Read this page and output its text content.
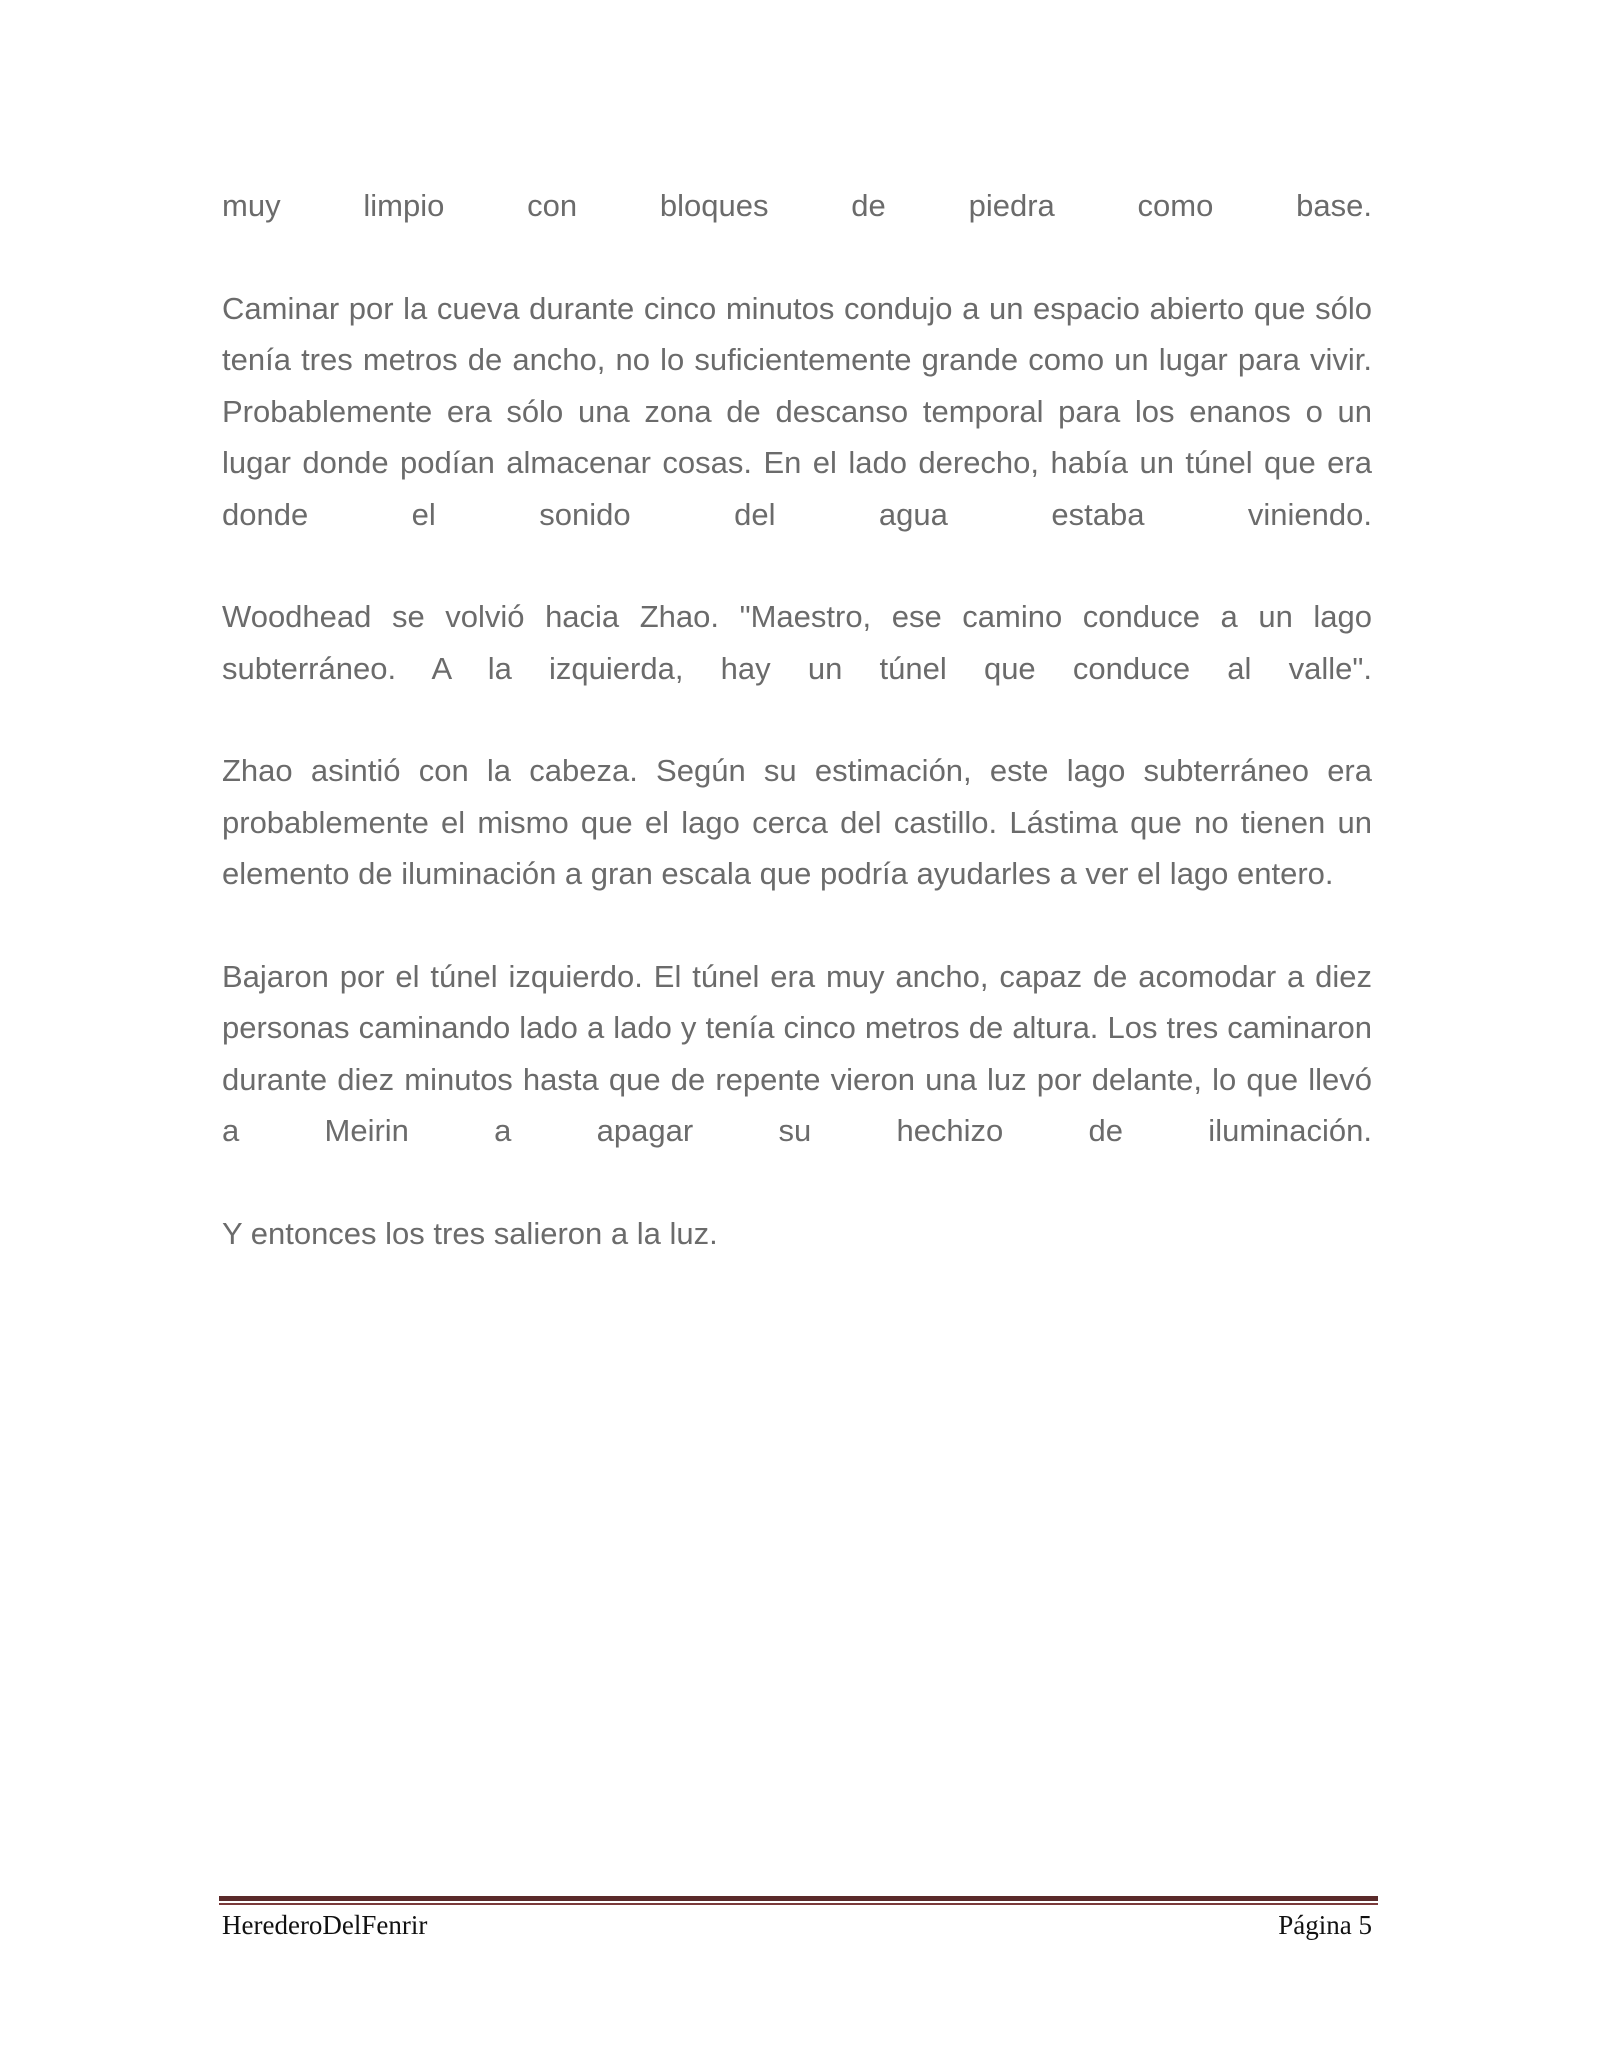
muy limpio con bloques de piedra como base.

Caminar por la cueva durante cinco minutos condujo a un espacio abierto que sólo tenía tres metros de ancho, no lo suficientemente grande como un lugar para vivir. Probablemente era sólo una zona de descanso temporal para los enanos o un lugar donde podían almacenar cosas. En el lado derecho, había un túnel que era donde el sonido del agua estaba viniendo.

Woodhead se volvió hacia Zhao. "Maestro, ese camino conduce a un lago subterráneo. A la izquierda, hay un túnel que conduce al valle".

Zhao asintió con la cabeza. Según su estimación, este lago subterráneo era probablemente el mismo que el lago cerca del castillo. Lástima que no tienen un elemento de iluminación a gran escala que podría ayudarles a ver el lago entero.

Bajaron por el túnel izquierdo. El túnel era muy ancho, capaz de acomodar a diez personas caminando lado a lado y tenía cinco metros de altura. Los tres caminaron durante diez minutos hasta que de repente vieron una luz por delante, lo que llevó a Meirin a apagar su hechizo de iluminación.

Y entonces los tres salieron a la luz.

HerederoDelFenrir	Página 5
